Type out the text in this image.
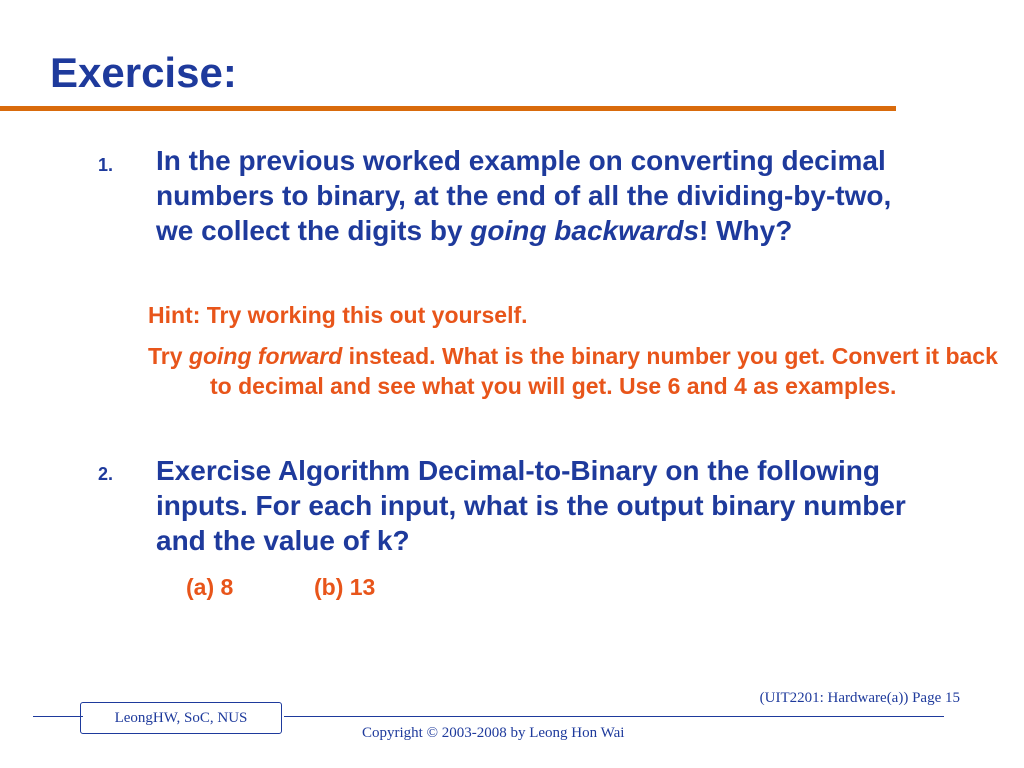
Exercise:
1. In the previous worked example on converting decimal numbers to binary, at the end of all the dividing-by-two, we collect the digits by going backwards! Why?
Hint: Try working this out yourself.
Try going forward instead. What is the binary number you get. Convert it back to decimal and see what you will get. Use 6 and 4 as examples.
2. Exercise Algorithm Decimal-to-Binary on the following inputs. For each input, what is the output binary number and the value of k?
(a) 8	(b) 13
(UIT2201: Hardware(a)) Page 15
LeongHW, SoC, NUS
Copyright © 2003-2008 by Leong Hon Wai
